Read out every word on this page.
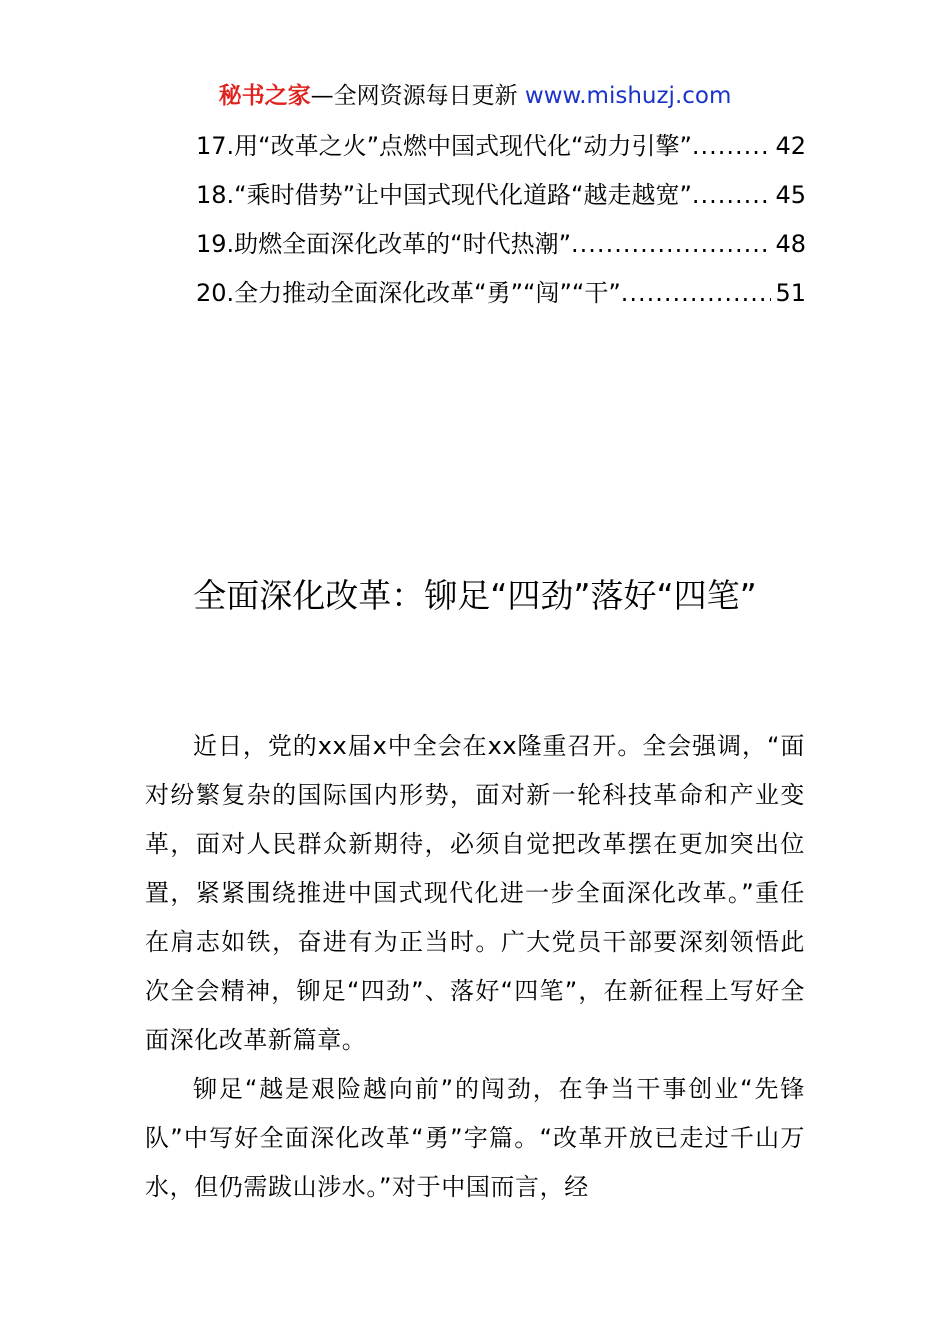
秘书之家—全网资源每日更新 www.mishuzj.com
17.用“改革之火”点燃中国式现代化“动力引擎” .....	42
18.“乘时借势”让中国式现代化道路“越走越宽” .....	45
19.助燃全面深化改革的“时代热潮” .....	48
20.全力推动全面深化改革“勇”“闯”“干” .....	51
全面深化改革：铆足“四劲”落好“四笔”

近日，党的xx届x中全会在xx隆重召开。全会强调，“面对纷繁复杂的国际国内形势，面对新一轮科技革命和产业变革，面对人民群众新期待，必须自觉把改革摆在更加突出位置，紧紧围绕推进中国式现代化进一步全面深化改革。”重任在肩志如铁，奋进有为正当时。广大党员干部要深刻领悟此次全会精神，铆足“四劲”、落好“四笔”，在新征程上写好全面深化改革新篇章。

铆足“越是艰险越向前”的闯劲，在争当干事创业“先锋队”中写好全面深化改革“勇”字篇。“改革开放已走过千山万水，但仍需跋山涉水。”对于中国而言，经
